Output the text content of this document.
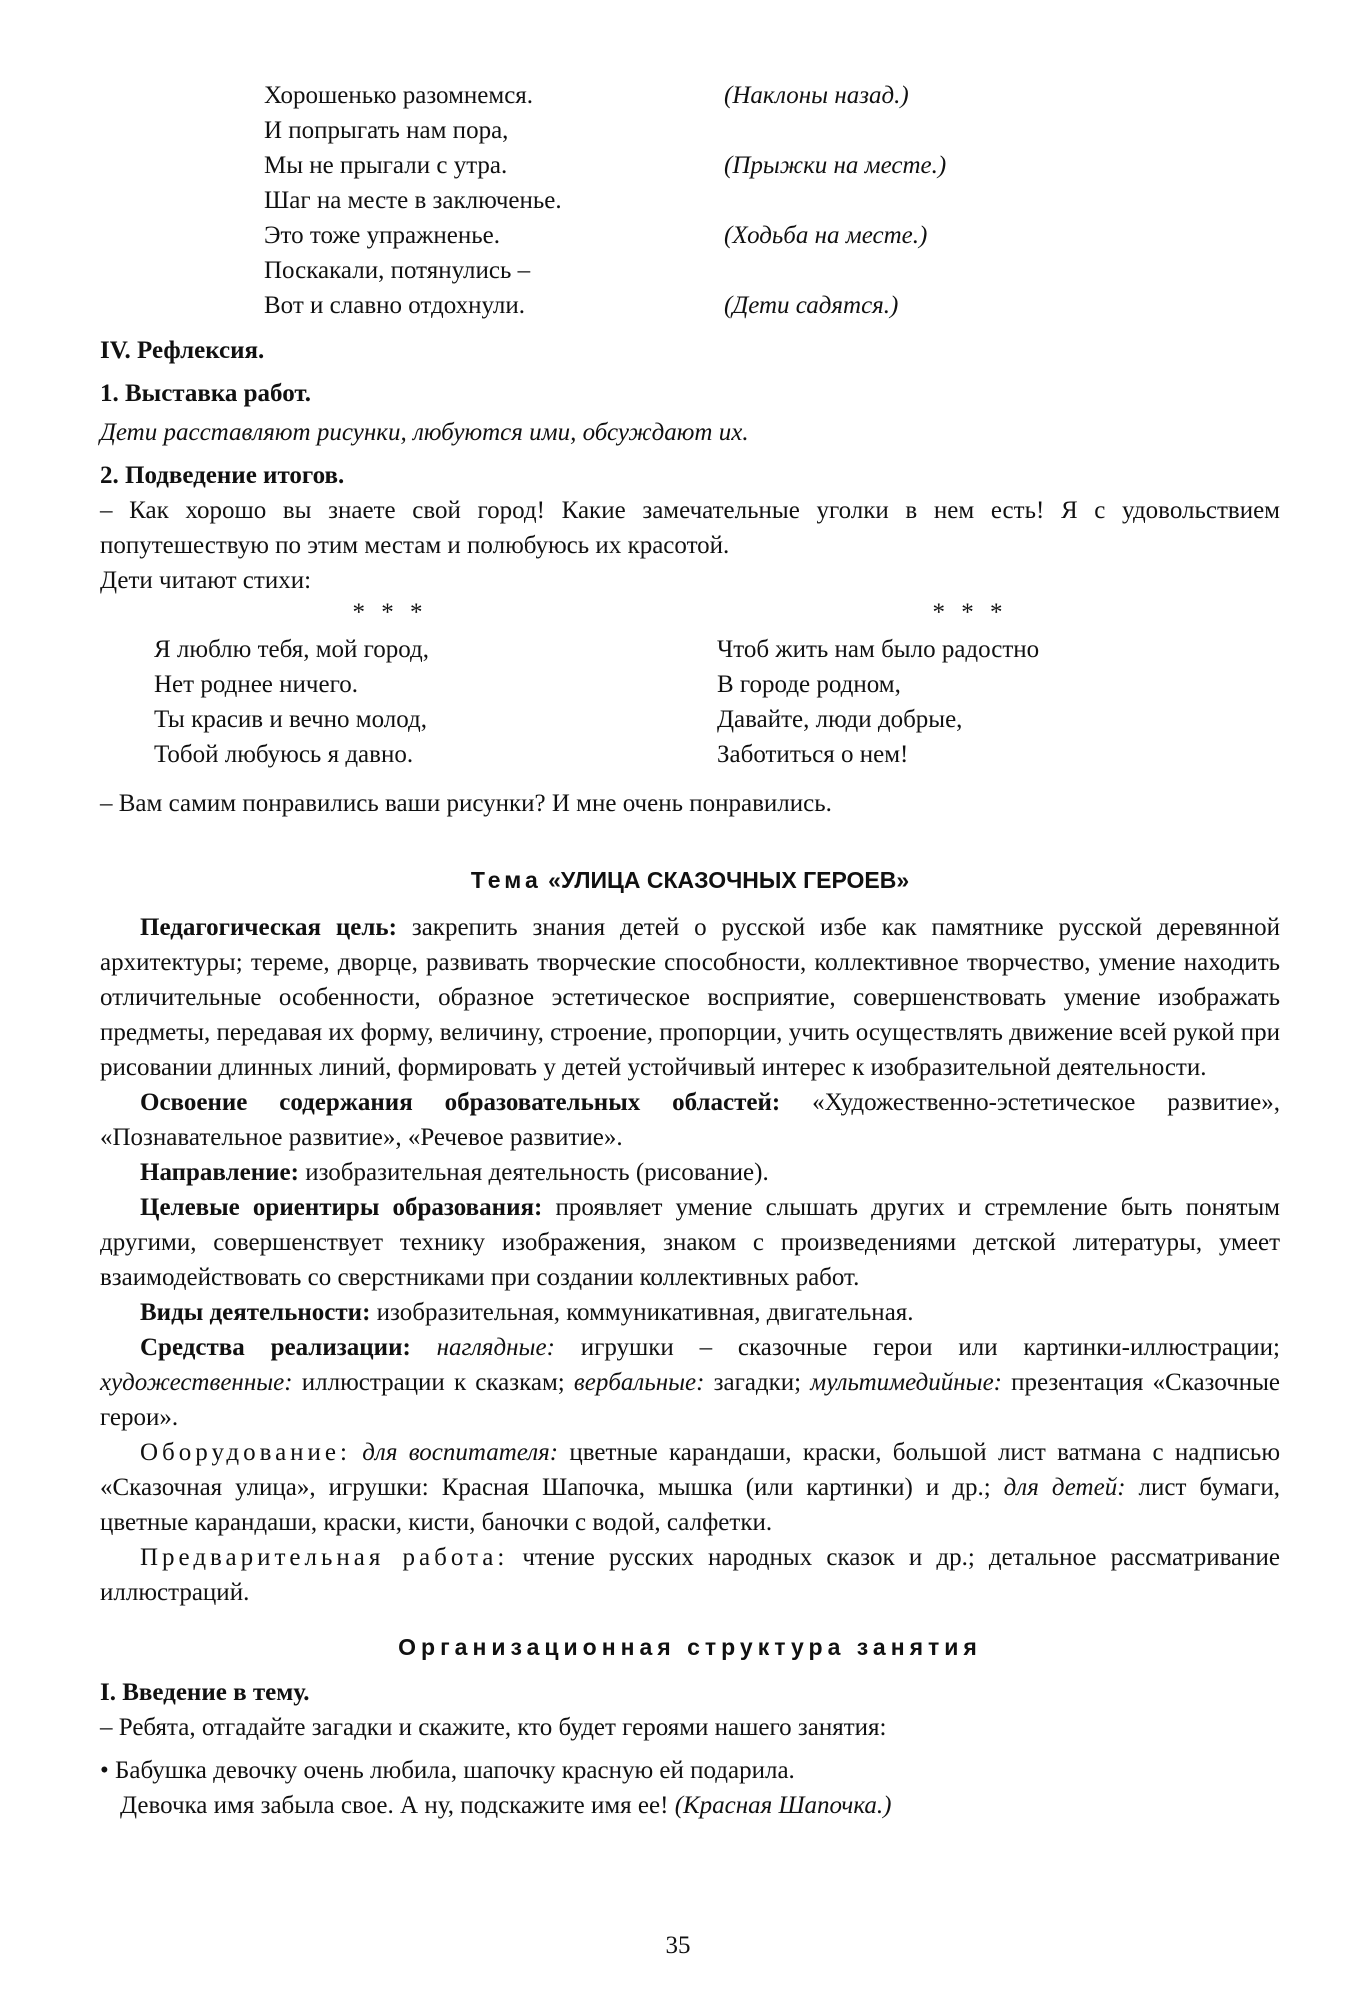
Хорошенько разомнемся.	(Наклоны назад.)
И попрыгать нам пора,
Мы не прыгали с утра.	(Прыжки на месте.)
Шаг на месте в заключенье.
Это тоже упражненье.	(Ходьба на месте.)
Поскакали, потянулись –
Вот и славно отдохнули.	(Дети садятся.)

IV. Рефлексия.

1. Выставка работ.

Дети расставляют рисунки, любуются ими, обсуждают их.

2. Подведение итогов.

– Как хорошо вы знаете свой город! Какие замечательные уголки в нем есть! Я с удовольствием попутешествую по этим местам и полюбуюсь их красотой.

Дети читают стихи:

* * *	* * *

Я люблю тебя, мой город,

Нет роднее ничего.

Ты красив и вечно молод,

Тобой любуюсь я давно.

Чтоб жить нам было радостно

В городе родном,

Давайте, люди добрые,

Заботиться о нем!

– Вам самим понравились ваши рисунки? И мне очень понравились.

Тема «УЛИЦА СКАЗОЧНЫХ ГЕРОЕВ»

Педагогическая цель: закрепить знания детей о русской избе как памятнике русской деревянной архитектуры; тереме, дворце, развивать творческие способности, коллективное творчество, умение находить отличительные особенности, образное эстетическое восприятие, совершенствовать умение изображать предметы, передавая их форму, величину, строение, пропорции, учить осуществлять движение всей рукой при рисовании длинных линий, формировать у детей устойчивый интерес к изобразительной деятельности.

Освоение содержания образовательных областей: «Художественно-эстетическое развитие», «Познавательное развитие», «Речевое развитие».

Направление: изобразительная деятельность (рисование).

Целевые ориентиры образования: проявляет умение слышать других и стремление быть понятым другими, совершенствует технику изображения, знаком с произведениями детской литературы, умеет взаимодействовать со сверстниками при создании коллективных работ.

Виды деятельности: изобразительная, коммуникативная, двигательная.

Средства реализации: наглядные: игрушки – сказочные герои или картинки-иллюстрации; художественные: иллюстрации к сказкам; вербальные: загадки; мультимедийные: презентация «Сказочные герои».

Оборудование: для воспитателя: цветные карандаши, краски, большой лист ватмана с надписью «Сказочная улица», игрушки: Красная Шапочка, мышка (или картинки) и др.; для детей: лист бумаги, цветные карандаши, краски, кисти, баночки с водой, салфетки.

Предварительная работа: чтение русских народных сказок и др.; детальное рассматривание иллюстраций.

Организационная структура занятия

I. Введение в тему.

– Ребята, отгадайте загадки и скажите, кто будет героями нашего занятия:

• Бабушка девочку очень любила, шапочку красную ей подарила.

Девочка имя забыла свое. А ну, подскажите имя ее! (Красная Шапочка.)

35
